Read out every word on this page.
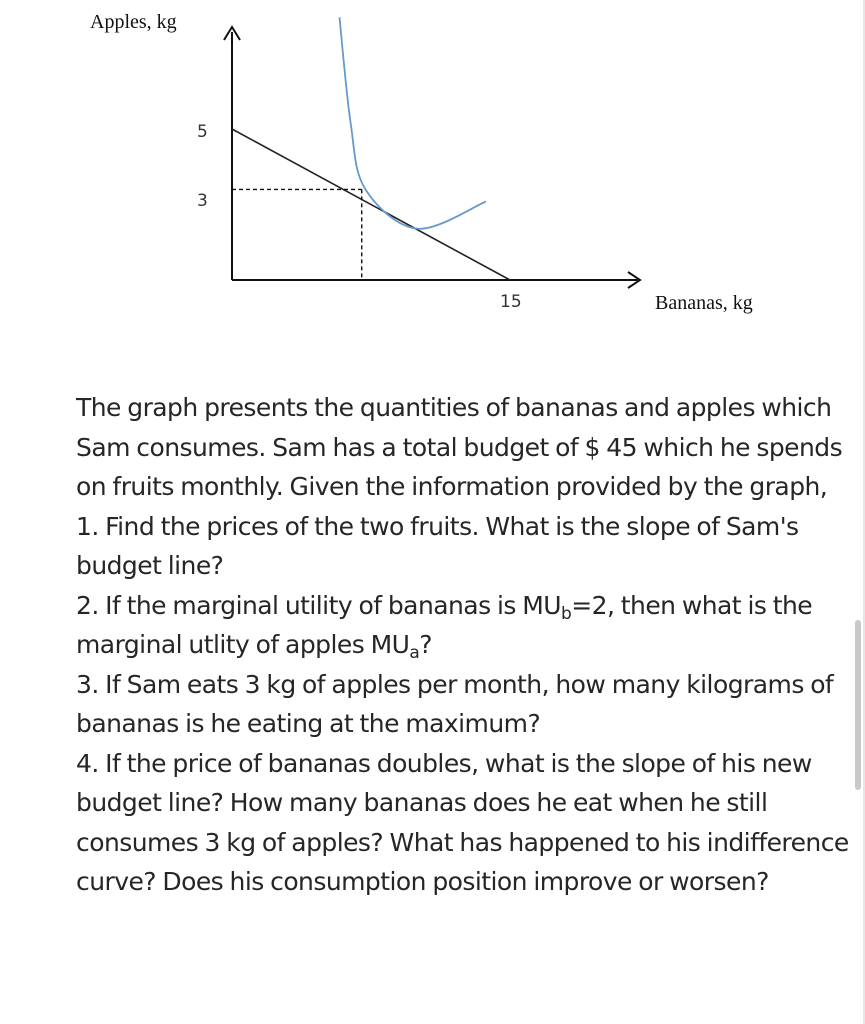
Apples, kg
Bananas, kg
5
3
15

The graph presents the quantities of bananas and apples which Sam consumes. Sam has a total budget of $ 45 which he spends on fruits monthly. Given the information provided by the graph,

1. Find the prices of the two fruits. What is the slope of Sam's budget line?

2. If the marginal utility of bananas is $MU_b=2$, then what is the marginal utlity of apples $MU_a$?

3. If Sam eats 3 kg of apples per month, how many kilograms of bananas is he eating at the maximum?

4. If the price of bananas doubles, what is the slope of his new budget line? How many bananas does he eat when he still consumes 3 kg of apples? What has happened to his indifference curve? Does his consumption position improve or worsen?
